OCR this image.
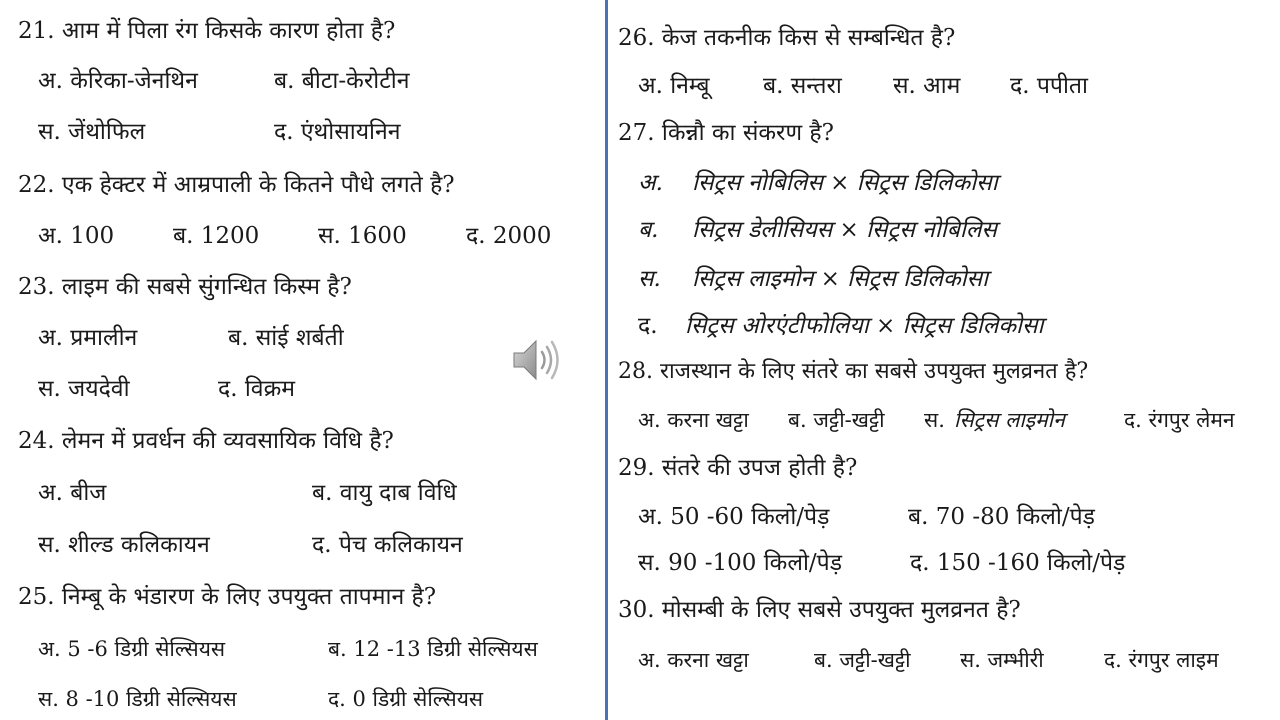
21. आम में पिला रंग किसके कारण होता है?
अ. केरिका-जेनथिन	ब. बीटा-केरोटीन
स. जेंथोफिल	द. एंथोसायनिन
22. एक हेक्टर में आम्रपाली के कितने पौधे लगते है?
अ. 100	ब. 1200	स. 1600	द. 2000
23. लाइम की सबसे सुंगन्धित किस्म है?
अ. प्रमालीन	ब. सांई शर्बती
स. जयदेवी	द. विक्रम
24. लेमन में प्रवर्धन की व्यवसायिक विधि है?
अ. बीज	ब. वायु दाब विधि
स. शील्ड कलिकायन	द. पेच कलिकायन
25. निम्बू के भंडारण के लिए उपयुक्त तापमान है?
अ. 5 -6 डिग्री सेल्सियस	ब. 12 -13 डिग्री सेल्सियस
स. 8 -10 डिग्री सेल्सियस	द. 0 डिग्री सेल्सियस
26. केज तकनीक किस से सम्बन्धित है?
अ. निम्बू ब. सन्तरा स. आम द. पपीता
27. किन्नौ का संकरण है?
अ. सिट्रस नोबिलिस × सिट्रस डिलिकोसा
ब. सिट्रस डेलीसियस × सिट्रस नोबिलिस
स. सिट्रस लाइमोन × सिट्रस डिलिकोसा
द. सिट्रस ओरएंटीफोलिया × सिट्रस डिलिकोसा
28. राजस्थान के लिए संतरे का सबसे उपयुक्त मुलव्रनत है?
अ. करना खट्टा ब. जट्टी-खट्टी स. सिट्रस लाइमोन	द. रंगपुर लेमन
29. संतरे की उपज होती है?
अ. 50 -60 किलो/पेड़	ब. 70 -80 किलो/पेड़
स. 90 -100 किलो/पेड़	द. 150 -160 किलो/पेड़
30. मोसम्बी के लिए सबसे उपयुक्त मुलव्रनत है?
अ. करना खट्टा	ब. जट्टी-खट्टी स. जम्भीरी	द. रंगपुर लाइम
